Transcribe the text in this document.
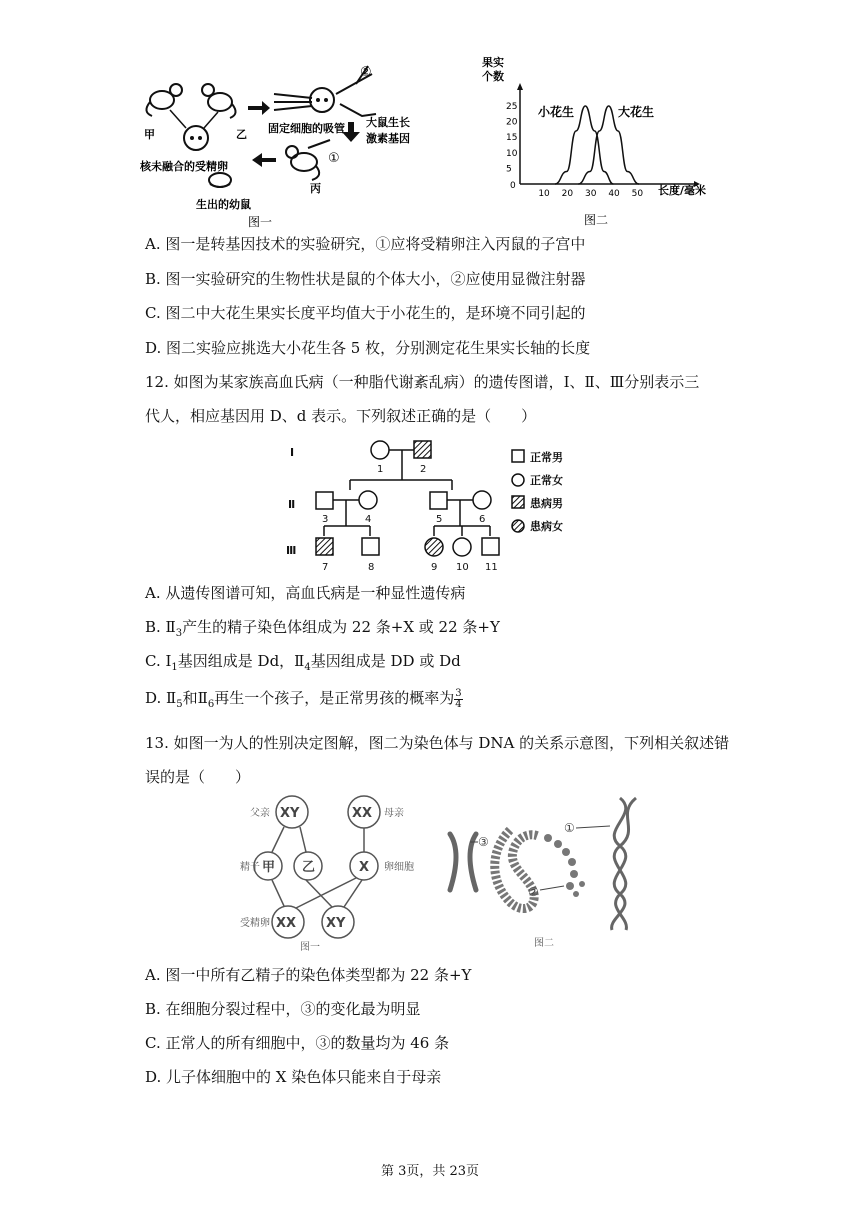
甲	乙
核未融合的受精卵
②
固定细胞的吸管 大鼠生长
激素基因
①
丙
生出的幼鼠
图一
果实
个数
0
10 20 30 40 50
5
10
15
20
25 小花生	大花生
长度/毫米
图二
A. 图一是转基因技术的实验研究，①应将受精卵注入丙鼠的子宫中
B. 图一实验研究的生物性状是鼠的个体大小，②应使用显微注射器
C. 图二中大花生果实长度平均值大于小花生的，是环境不同引起的
D. 图二实验应挑选大小花生各 5 枚，分别测定花生果实长轴的长度
12. 如图为某家族高血氏病（一种脂代谢紊乱病）的遗传图谱，Ⅰ、Ⅱ、Ⅲ分别表示三
代人，相应基因用 D、d 表示。下列叙述正确的是（　　）
Ⅰ
Ⅱ
Ⅲ
1	2
3	4	5	6
7	8	9 10 11
正常男
正常女
患病男
患病女
A. 从遗传图谱可知，高血氏病是一种显性遗传病
B. $Ⅱ_3$产生的精子染色体组成为 22 条+X 或 22 条+Y
C. $Ⅰ_1$基因组成是 Dd，$Ⅱ_4$基因组成是 DD 或 Dd
D. $Ⅱ_5$和$Ⅱ_6$再生一个孩子，是正常男孩的概率为 $\frac{3}{4}$
13. 如图一为人的性别决定图解，图二为染色体与 DNA 的关系示意图，下列相关叙述错
误的是（　　）
XY	XX
甲 乙	X
XX XY
父亲	母亲
精子	卵细胞
受精卵
图一
③
②
①
图二
A. 图一中所有乙精子的染色体类型都为 22 条+Y
B. 在细胞分裂过程中，③的变化最为明显
C. 正常人的所有细胞中，③的数量均为 46 条
D. 儿子体细胞中的 X 染色体只能来自于母亲
第 3页，共 23页
